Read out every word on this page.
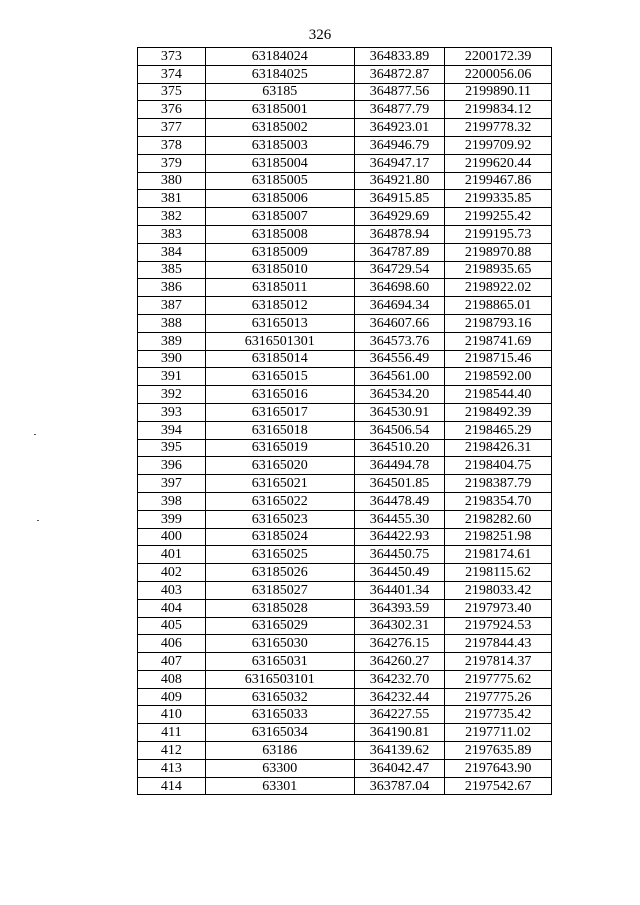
326
373	63184024	364833.89	2200172.39
374	63184025	364872.87	2200056.06
375	63185	364877.56	2199890.11
376	63185001	364877.79	2199834.12
377	63185002	364923.01	2199778.32
378	63185003	364946.79	2199709.92
379	63185004	364947.17	2199620.44
380	63185005	364921.80	2199467.86
381	63185006	364915.85	2199335.85
382	63185007	364929.69	2199255.42
383	63185008	364878.94	2199195.73
384	63185009	364787.89	2198970.88
385	63185010	364729.54	2198935.65
386	63185011	364698.60	2198922.02
387	63185012	364694.34	2198865.01
388	63165013	364607.66	2198793.16
389	6316501301	364573.76	2198741.69
390	63185014	364556.49	2198715.46
391	63165015	364561.00	2198592.00
392	63165016	364534.20	2198544.40
393	63165017	364530.91	2198492.39
394	63165018	364506.54	2198465.29
395	63165019	364510.20	2198426.31
396	63165020	364494.78	2198404.75
397	63165021	364501.85	2198387.79
398	63165022	364478.49	2198354.70
399	63165023	364455.30	2198282.60
400	63185024	364422.93	2198251.98
401	63165025	364450.75	2198174.61
402	63185026	364450.49	2198115.62
403	63185027	364401.34	2198033.42
404	63185028	364393.59	2197973.40
405	63165029	364302.31	2197924.53
406	63165030	364276.15	2197844.43
407	63165031	364260.27	2197814.37
408	6316503101	364232.70	2197775.62
409	63165032	364232.44	2197775.26
410	63165033	364227.55	2197735.42
411	63165034	364190.81	2197711.02
412	63186	364139.62	2197635.89
413	63300	364042.47	2197643.90
414	63301	363787.04	2197542.67
